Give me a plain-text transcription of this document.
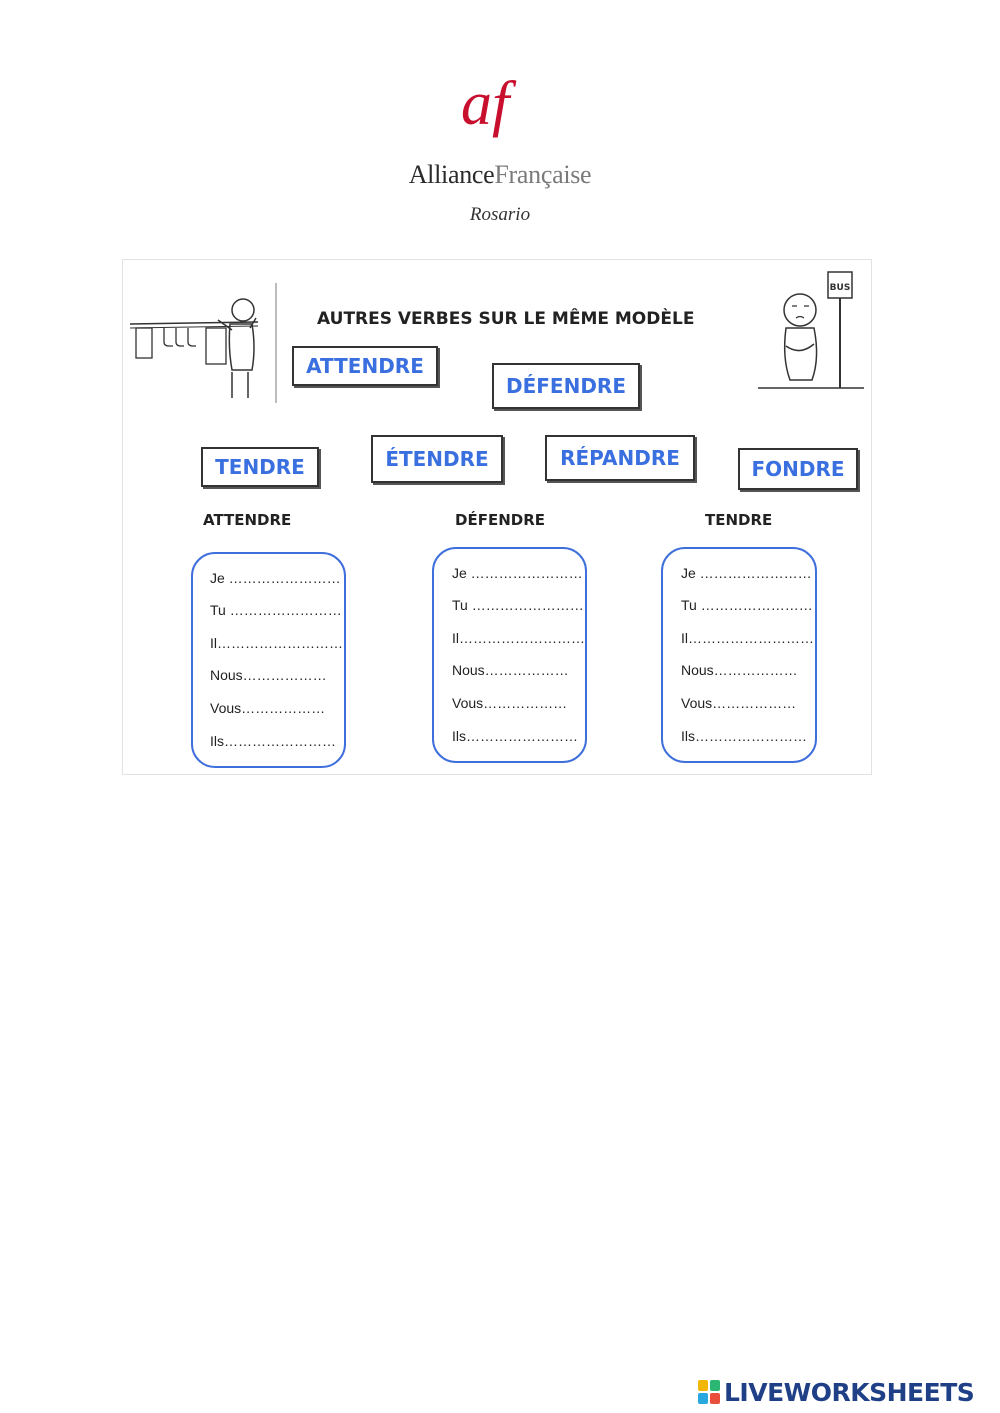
af
AllianceFrançaise
Rosario
BUS
AUTRES VERBES SUR LE MÊME MODÈLE
ATTENDRE
DÉFENDRE
TENDRE	ÉTENDRE	RÉPANDRE	FONDRE
ATTENDRE	DÉFENDRE	TENDRE
Je ……………………
Tu ……………………
Il………………………
Nous………………
Vous………………
Ils……………………
Je ……………………
Tu ……………………
Il………………………
Nous………………
Vous………………
Ils……………………
Je ……………………
Tu ……………………
Il………………………
Nous………………
Vous………………
Ils……………………
LIVEWORKSHEETS
